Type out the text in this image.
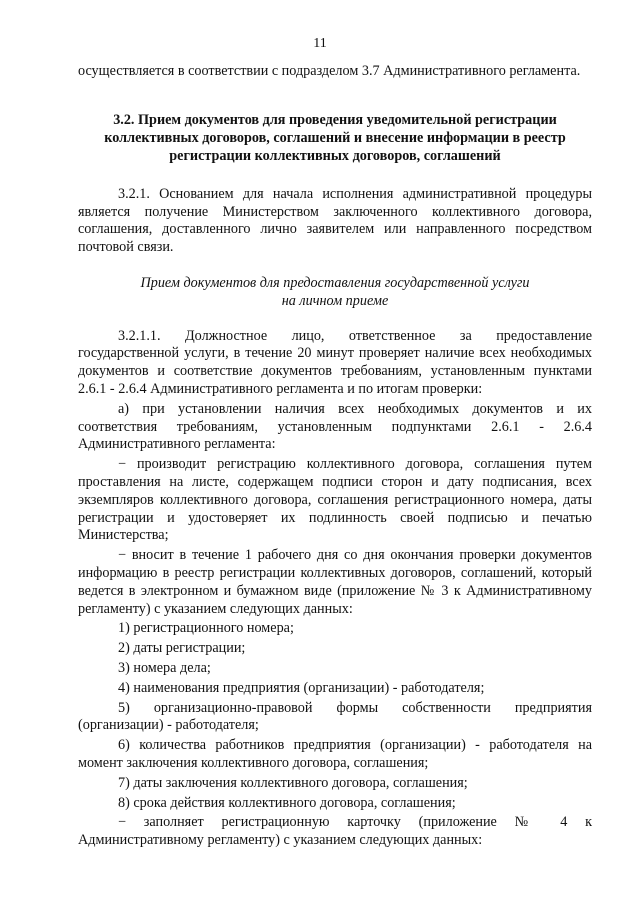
11

осуществляется в соответствии с подразделом 3.7 Административного регламента.

3.2. Прием документов для проведения уведомительной регистрации коллективных договоров, соглашений и внесение информации в реестр регистрации коллективных договоров, соглашений

3.2.1. Основанием для начала исполнения административной процедуры является получение Министерством заключенного коллективного договора, соглашения, доставленного лично заявителем или направленного посредством почтовой связи.

Прием документов для предоставления государственной услуги
на личном приеме

3.2.1.1. Должностное лицо, ответственное за предоставление государственной услуги, в течение 20 минут проверяет наличие всех необходимых документов и соответствие документов требованиям, установленным пунктами 2.6.1 - 2.6.4 Административного регламента и по итогам проверки:

а) при установлении наличия всех необходимых документов и их соответствия требованиям, установленным подпунктами 2.6.1 - 2.6.4 Административного регламента:

− производит регистрацию коллективного договора, соглашения путем проставления на листе, содержащем подписи сторон и дату подписания, всех экземпляров коллективного договора, соглашения регистрационного номера, даты регистрации и удостоверяет их подлинность своей подписью и печатью Министерства;

− вносит в течение 1 рабочего дня со дня окончания проверки документов информацию в реестр регистрации коллективных договоров, соглашений, который ведется в электронном и бумажном виде (приложение № 3 к Административному регламенту) с указанием следующих данных:

1) регистрационного номера;

2) даты регистрации;

3) номера дела;

4) наименования предприятия (организации) - работодателя;

5) организационно-правовой формы собственности предприятия (организации) - работодателя;

6) количества работников предприятия (организации) - работодателя на момент заключения коллективного договора, соглашения;

7) даты заключения коллективного договора, соглашения;

8) срока действия коллективного договора, соглашения;

− заполняет регистрационную карточку (приложение № 4 к Административному регламенту) с указанием следующих данных:
